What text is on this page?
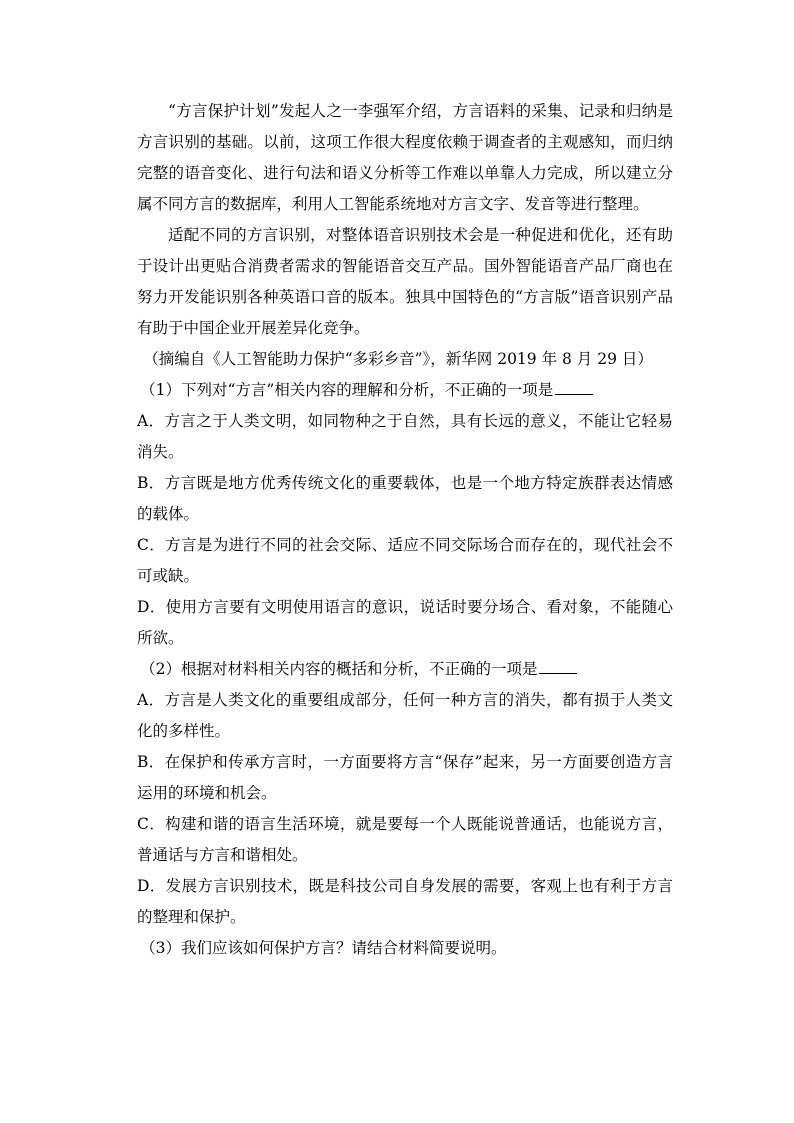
“方言保护计划”发起人之一李强军介绍，方言语料的采集、记录和归纳是方言识别的基础。以前，这项工作很大程度依赖于调查者的主观感知，而归纳完整的语音变化、进行句法和语义分析等工作难以单靠人力完成，所以建立分属不同方言的数据库，利用人工智能系统地对方言文字、发音等进行整理。

适配不同的方言识别，对整体语音识别技术会是一种促进和优化，还有助于设计出更贴合消费者需求的智能语音交互产品。国外智能语音产品厂商也在努力开发能识别各种英语口音的版本。独具中国特色的“方言版”语音识别产品有助于中国企业开展差异化竞争。

（摘编自《人工智能助力保护“多彩乡音”》，新华网 2019 年 8 月 29 日）

（1）下列对“方言”相关内容的理解和分析，不正确的一项是

A．方言之于人类文明，如同物种之于自然，具有长远的意义，不能让它轻易消失。

B．方言既是地方优秀传统文化的重要载体，也是一个地方特定族群表达情感的载体。

C．方言是为进行不同的社会交际、适应不同交际场合而存在的，现代社会不可或缺。

D．使用方言要有文明使用语言的意识，说话时要分场合、看对象，不能随心所欲。

（2）根据对材料相关内容的概括和分析，不正确的一项是

A．方言是人类文化的重要组成部分，任何一种方言的消失，都有损于人类文化的多样性。

B．在保护和传承方言时，一方面要将方言“保存”起来，另一方面要创造方言运用的环境和机会。

C．构建和谐的语言生活环境，就是要每一个人既能说普通话，也能说方言，普通话与方言和谐相处。

D．发展方言识别技术，既是科技公司自身发展的需要，客观上也有利于方言的整理和保护。

（3）我们应该如何保护方言？请结合材料简要说明。
